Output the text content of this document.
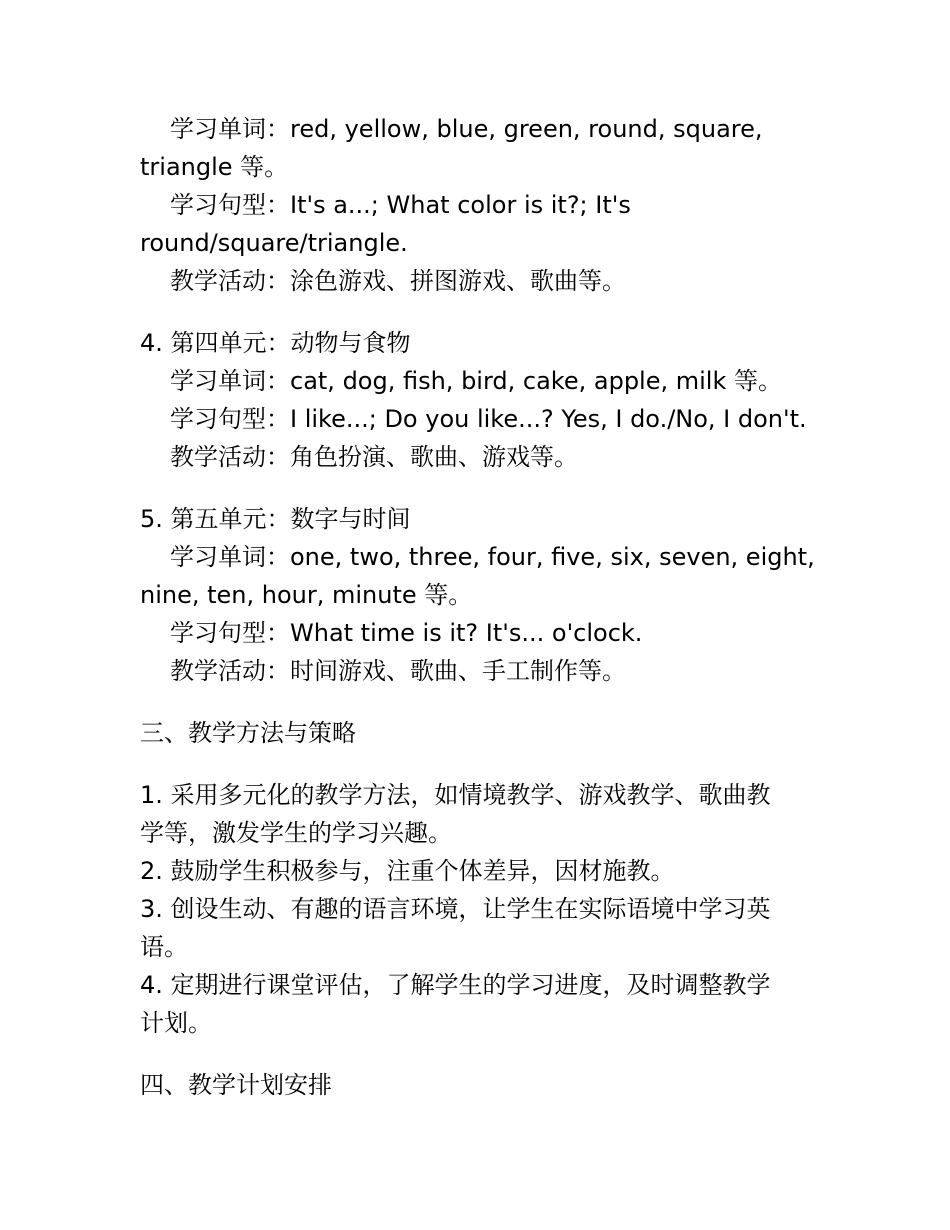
学习单词：red, yellow, blue, green, round, square,
triangle 等。
学习句型：It's a...; What color is it?; It's
round/square/triangle.
教学活动：涂色游戏、拼图游戏、歌曲等。
4. 第四单元：动物与食物
学习单词：cat, dog, fish, bird, cake, apple, milk 等。
学习句型：I like...; Do you like...? Yes, I do./No, I don't.
教学活动：角色扮演、歌曲、游戏等。
5. 第五单元：数字与时间
学习单词：one, two, three, four, five, six, seven, eight,
nine, ten, hour, minute 等。
学习句型：What time is it? It's... o'clock.
教学活动：时间游戏、歌曲、手工制作等。
三、教学方法与策略
1. 采用多元化的教学方法，如情境教学、游戏教学、歌曲教
学等，激发学生的学习兴趣。
2. 鼓励学生积极参与，注重个体差异，因材施教。
3. 创设生动、有趣的语言环境，让学生在实际语境中学习英
语。
4. 定期进行课堂评估，了解学生的学习进度，及时调整教学
计划。
四、教学计划安排
